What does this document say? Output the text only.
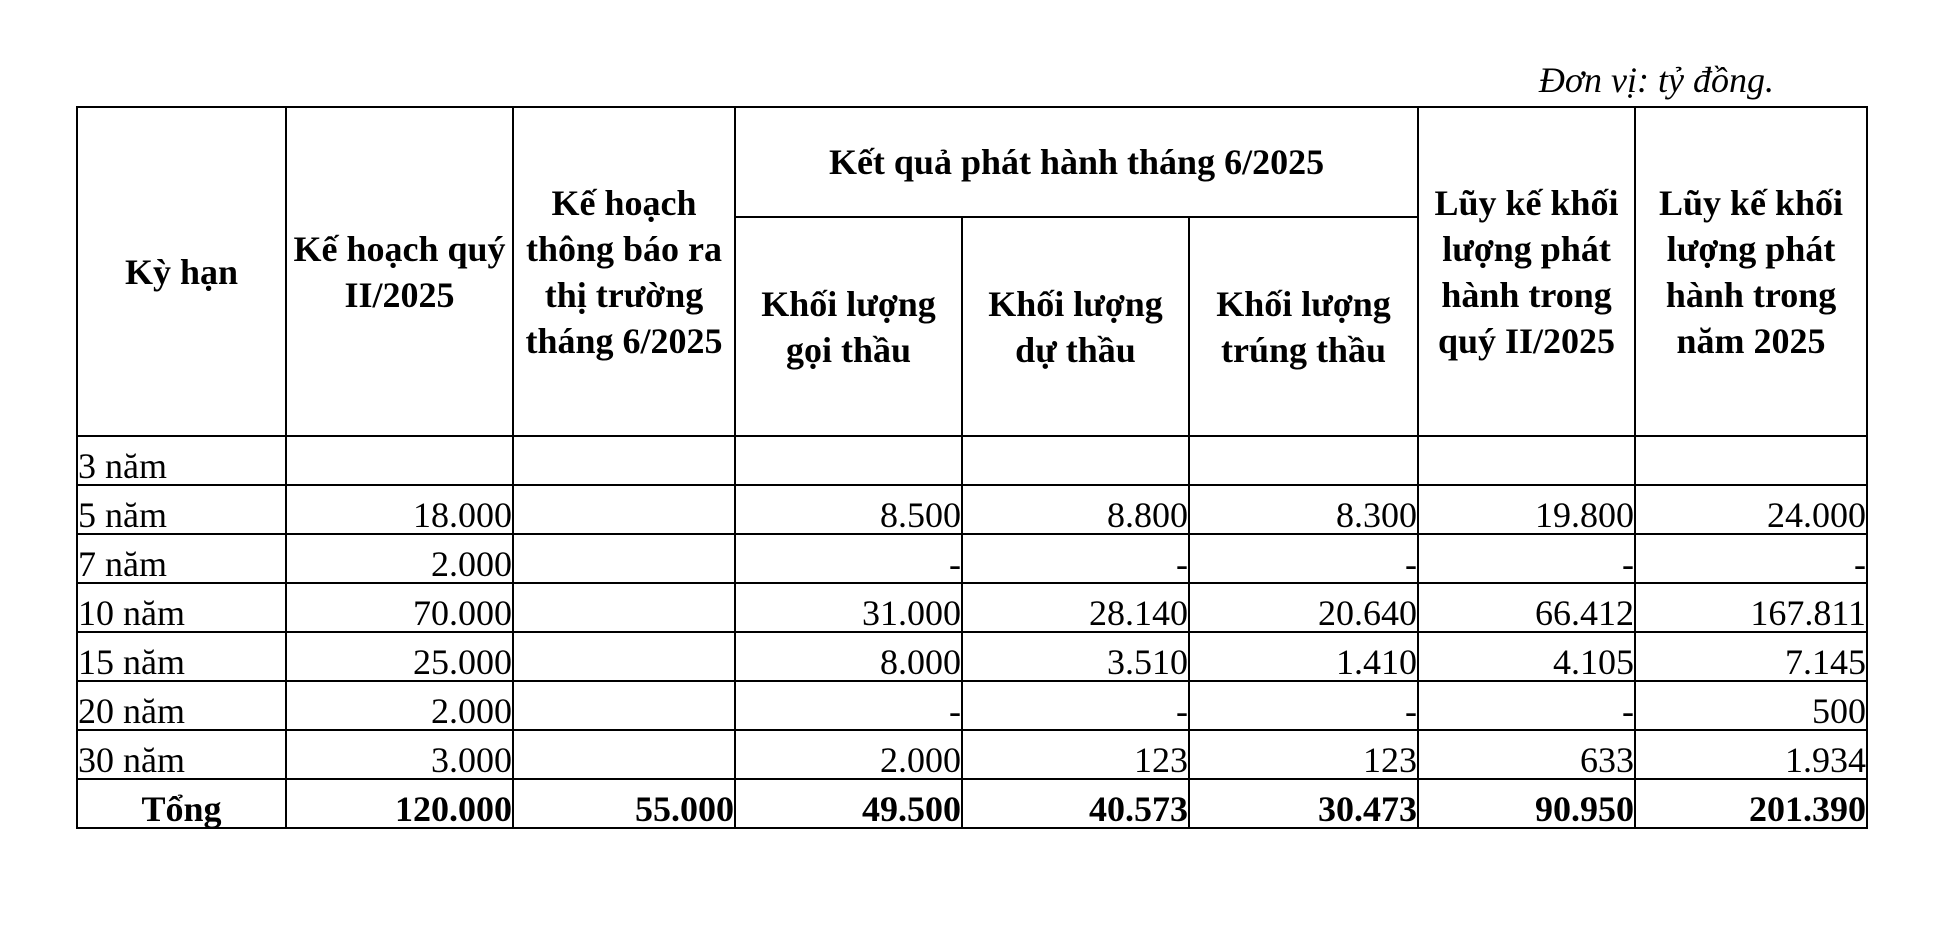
Đơn vị: tỷ đồng.
Kỳ hạn	Kế hoạch quý II/2025	Kế hoạch thông báo ra thị trường tháng 6/2025	Kết quả phát hành tháng 6/2025			Lũy kế khối lượng phát hành trong quý II/2025	Lũy kế khối lượng phát hành trong năm 2025
			Khối lượng gọi thầu	Khối lượng dự thầu	Khối lượng trúng thầu		
3 năm							
5 năm	18.000		8.500	8.800	8.300	19.800	24.000
7 năm	2.000		-	-	-	-	-
10 năm	70.000		31.000	28.140	20.640	66.412	167.811
15 năm	25.000		8.000	3.510	1.410	4.105	7.145
20 năm	2.000		-	-	-	-	500
30 năm	3.000		2.000	123	123	633	1.934
Tổng	120.000	55.000	49.500	40.573	30.473	90.950	201.390
